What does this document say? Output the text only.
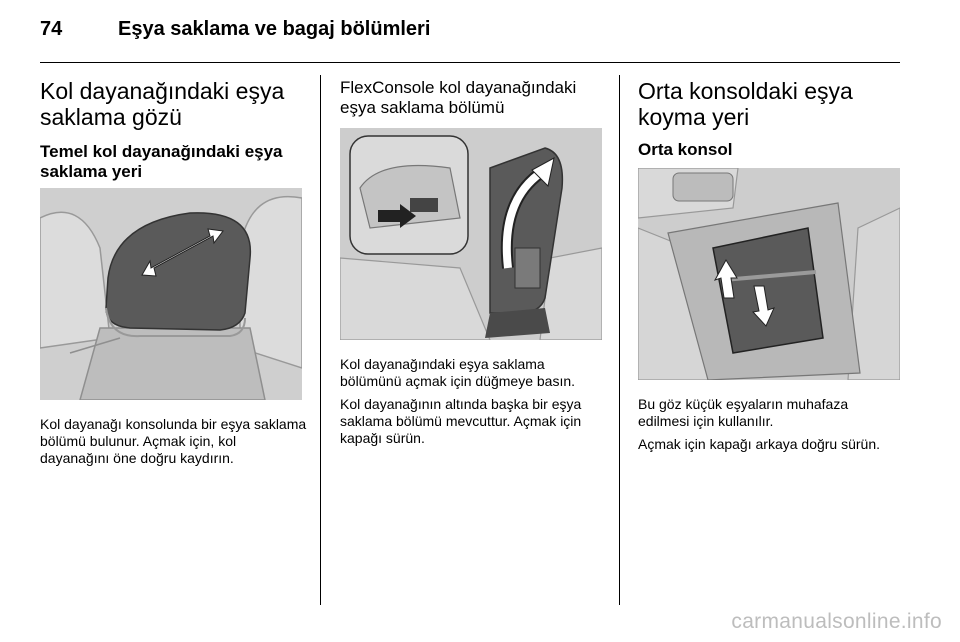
74	Eşya saklama ve bagaj bölümleri
Kol dayanağındaki eşya saklama gözü
Temel kol dayanağındaki eşya saklama yeri
Kol dayanağı konsolunda bir eşya saklama bölümü bulunur. Açmak için, kol dayanağını öne doğru kaydırın.
FlexConsole kol dayanağındaki eşya saklama bölümü

Kol dayanağındaki eşya saklama bölümünü açmak için düğmeye basın.

Kol dayanağının altında başka bir eşya saklama bölümü mevcuttur. Açmak için kapağı sürün.

Orta konsoldaki eşya koyma yeri
Orta konsol

Bu göz küçük eşyaların muhafaza edilmesi için kullanılır.

Açmak için kapağı arkaya doğru sürün.

carmanualsonline.info
